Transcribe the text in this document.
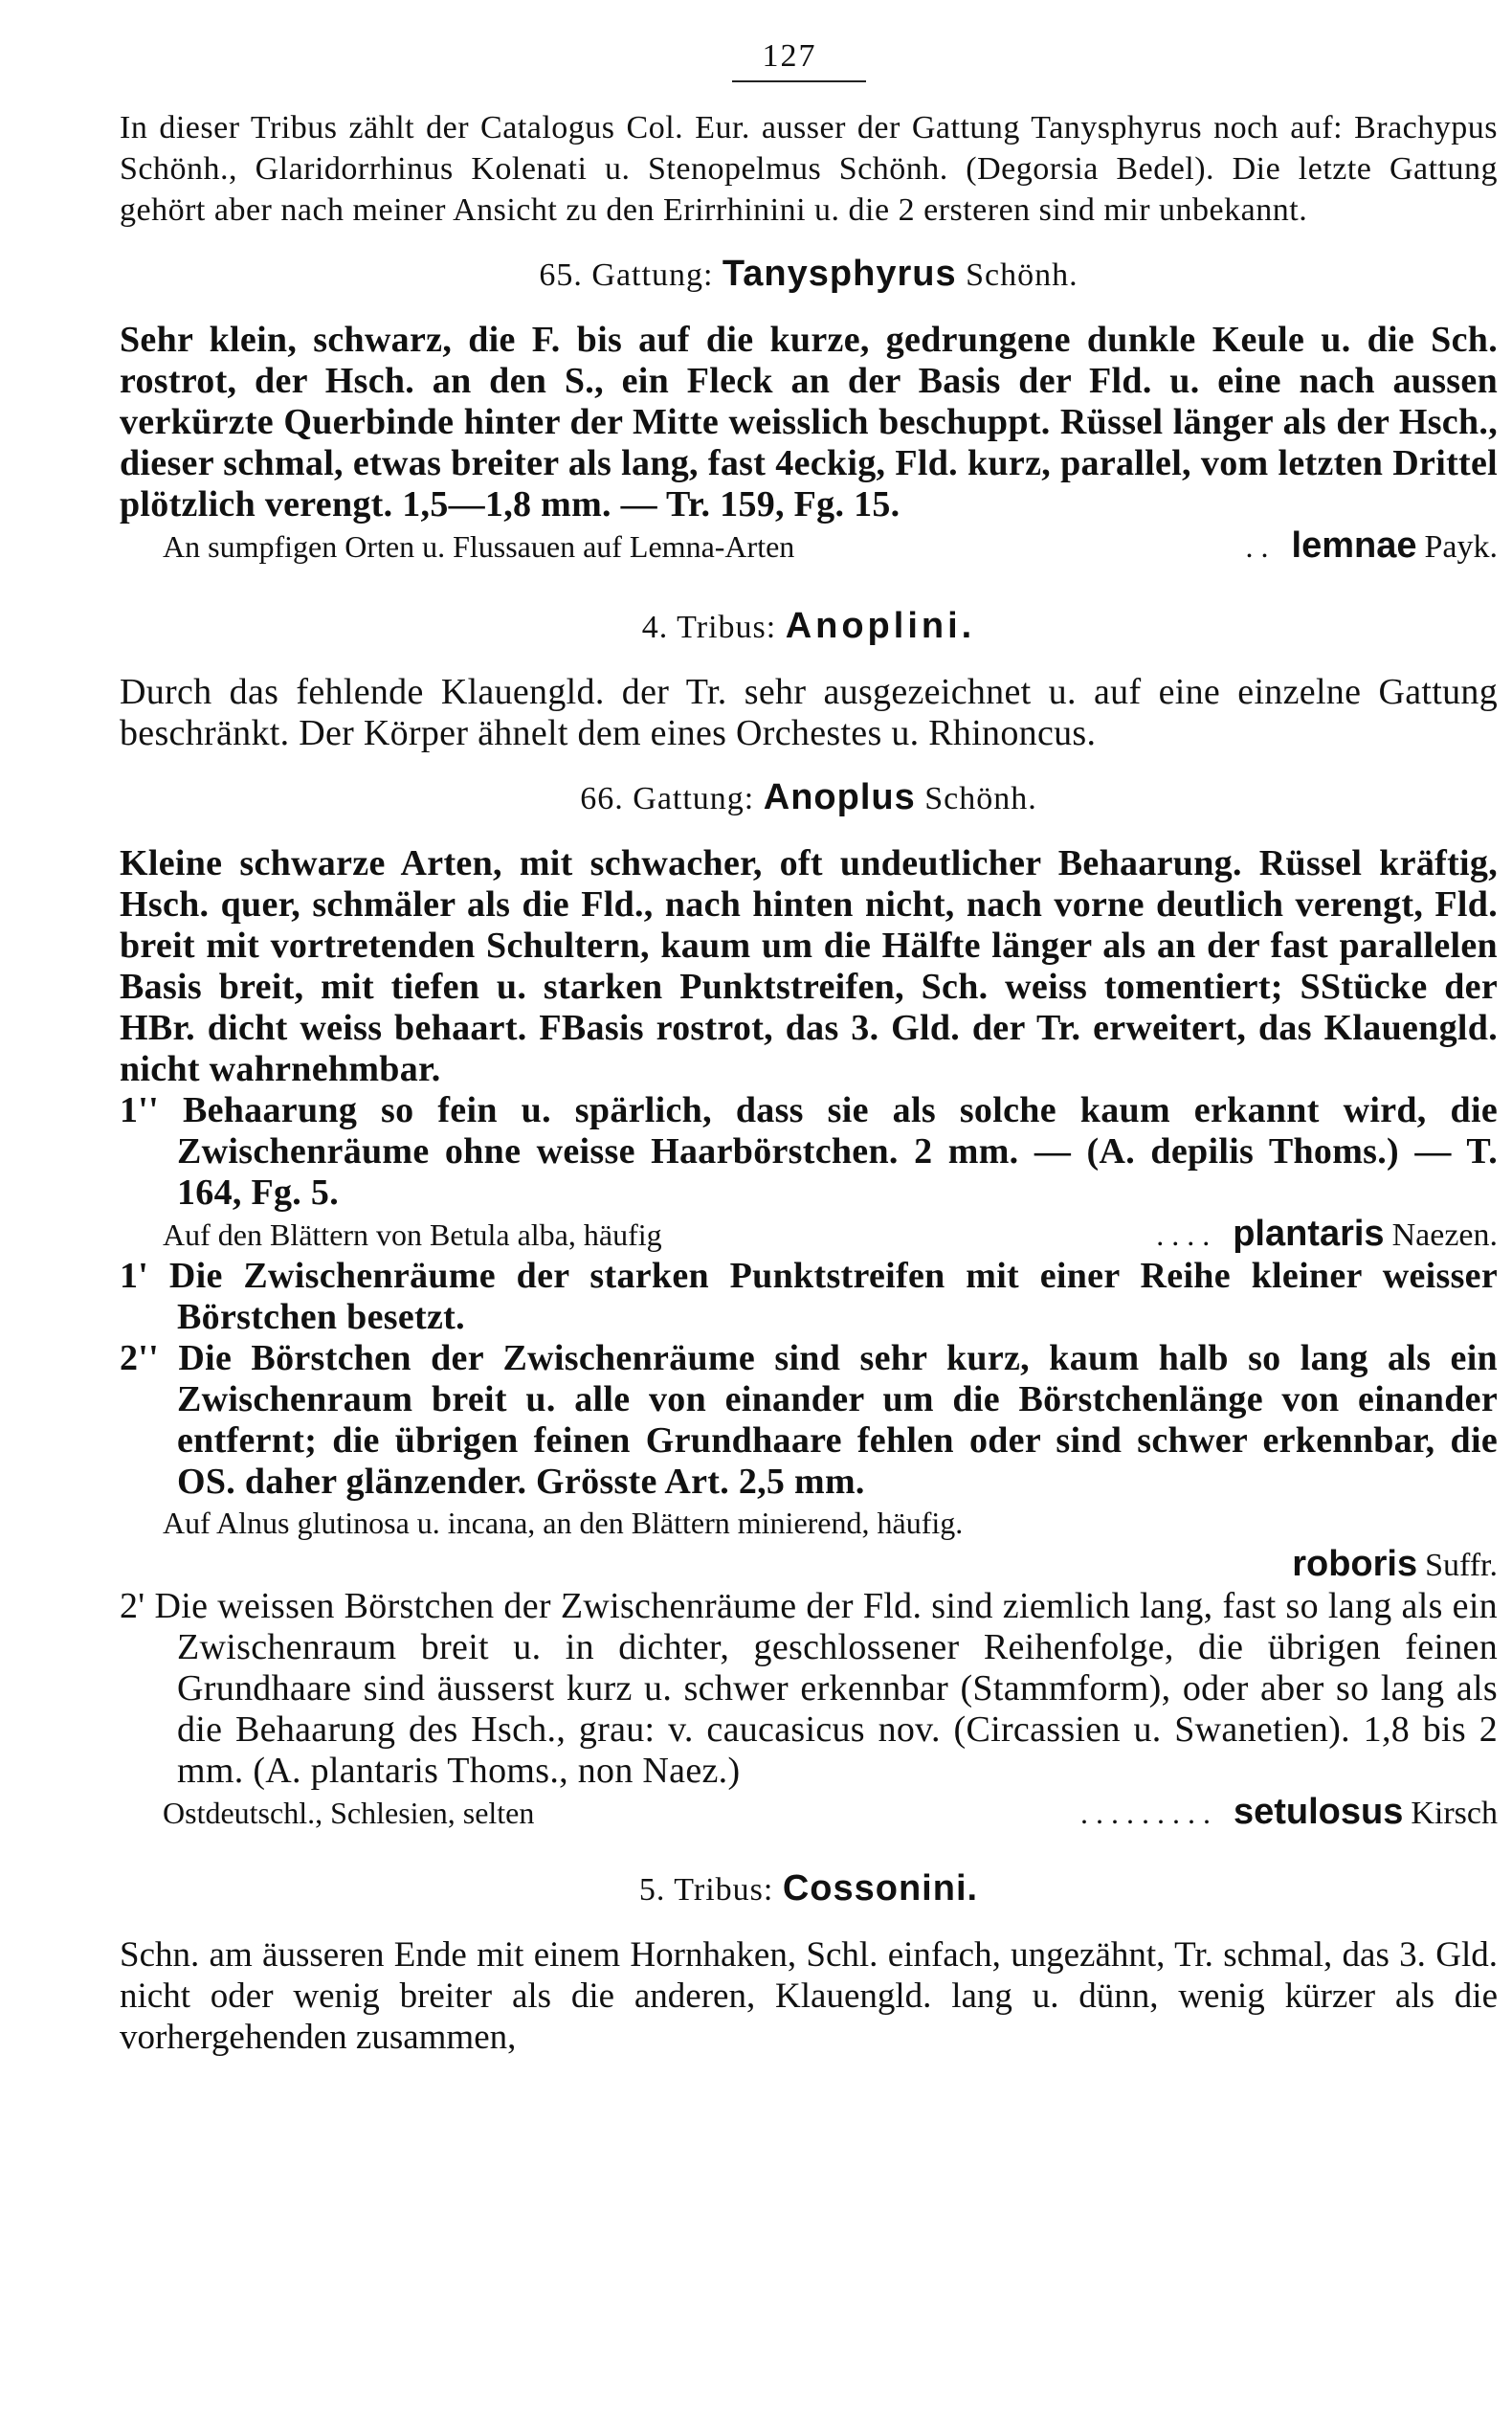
127

In dieser Tribus zählt der Catalogus Col. Eur. ausser der Gattung Tanysphyrus noch auf: Brachypus Schönh., Glaridorrhinus Kolenati u. Stenopelmus Schönh. (Degorsia Bedel). Die letzte Gattung gehört aber nach meiner Ansicht zu den Erirrhinini u. die 2 ersteren sind mir unbekannt.

65. Gattung: Tanysphyrus Schönh.

Sehr klein, schwarz, die F. bis auf die kurze, gedrungene dunkle Keule u. die Sch. rostrot, der Hsch. an den S., ein Fleck an der Basis der Fld. u. eine nach aussen verkürzte Querbinde hinter der Mitte weisslich beschuppt. Rüssel länger als der Hsch., dieser schmal, etwas breiter als lang, fast 4eckig, Fld. kurz, parallel, vom letzten Drittel plötzlich verengt. 1,5—1,8 mm. — Tr. 159, Fg. 15.

An sumpfigen Orten u. Flussauen auf Lemna-Arten	. . lemnae Payk.
4. Tribus: Anoplini.

Durch das fehlende Klauengld. der Tr. sehr ausgezeichnet u. auf eine einzelne Gattung beschränkt. Der Körper ähnelt dem eines Orchestes u. Rhinoncus.

66. Gattung: Anoplus Schönh.

Kleine schwarze Arten, mit schwacher, oft undeutlicher Behaarung. Rüssel kräftig, Hsch. quer, schmäler als die Fld., nach hinten nicht, nach vorne deutlich verengt, Fld. breit mit vortretenden Schultern, kaum um die Hälfte länger als an der fast parallelen Basis breit, mit tiefen u. starken Punktstreifen, Sch. weiss tomentiert; SStücke der HBr. dicht weiss behaart. FBasis rostrot, das 3. Gld. der Tr. erweitert, das Klauengld. nicht wahrnehmbar.

1'' Behaarung so fein u. spärlich, dass sie als solche kaum erkannt wird, die Zwischenräume ohne weisse Haarbörstchen. 2 mm. — (A. depilis Thoms.) — T. 164, Fg. 5.

Auf den Blättern von Betula alba, häufig	. . . . plantaris Naezen.

1' Die Zwischenräume der starken Punktstreifen mit einer Reihe kleiner weisser Börstchen besetzt.

2'' Die Börstchen der Zwischenräume sind sehr kurz, kaum halb so lang als ein Zwischenraum breit u. alle von einander um die Börstchenlänge von einander entfernt; die übrigen feinen Grundhaare fehlen oder sind schwer erkennbar, die OS. daher glänzender. Grösste Art. 2,5 mm.

Auf Alnus glutinosa u. incana, an den Blättern minierend, häufig.
roboris Suffr.

2' Die weissen Börstchen der Zwischenräume der Fld. sind ziemlich lang, fast so lang als ein Zwischenraum breit u. in dichter, geschlossener Reihenfolge, die übrigen feinen Grundhaare sind äusserst kurz u. schwer erkennbar (Stammform), oder aber so lang als die Behaarung des Hsch., grau: v. caucasicus nov. (Circassien u. Swanetien). 1,8 bis 2 mm. (A. plantaris Thoms., non Naez.)

Ostdeutschl., Schlesien, selten	. . . . . . . . . setulosus Kirsch
5. Tribus: Cossonini.

Schn. am äusseren Ende mit einem Hornhaken, Schl. einfach, ungezähnt, Tr. schmal, das 3. Gld. nicht oder wenig breiter als die anderen, Klauengld. lang u. dünn, wenig kürzer als die vorhergehenden zusammen,
